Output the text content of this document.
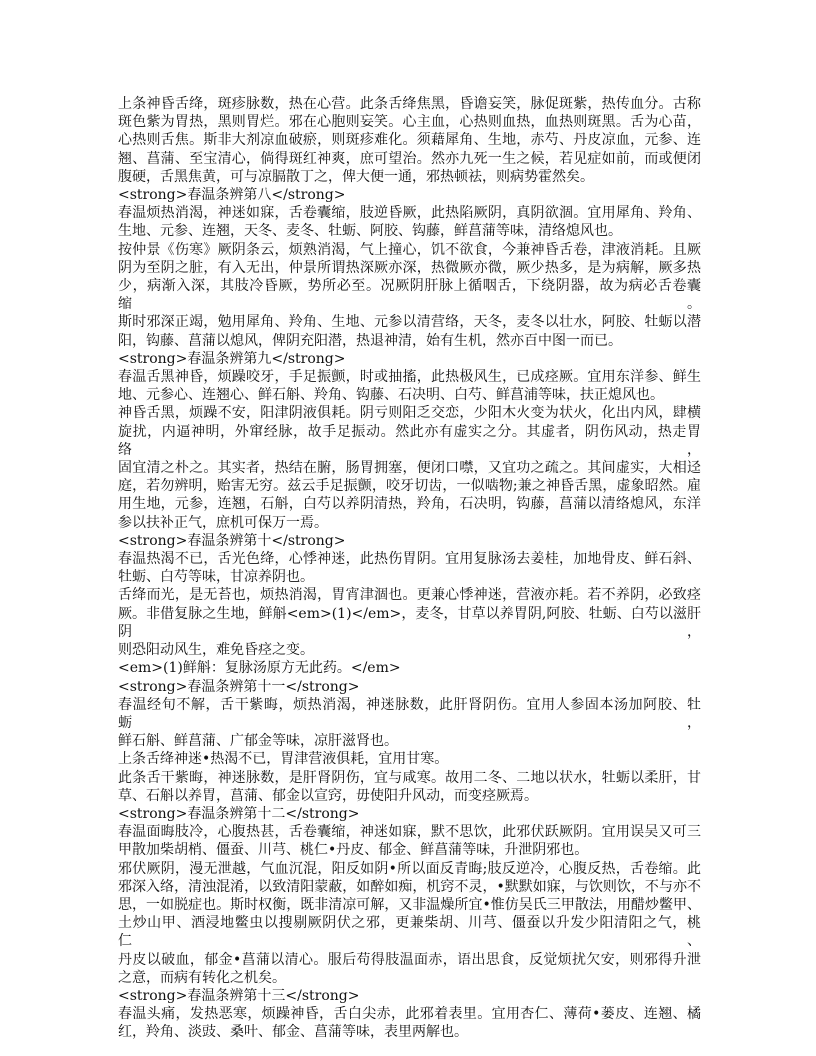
上条神昏舌绛，斑疹脉数，热在心营。此条舌绛焦黑，昏谵妄笑，脉促斑紫，热传血分。古称
斑色紫为胃热，黑则胃烂。邪在心胞则妄笑。心主血，心热则血热，血热则斑黑。舌为心苗，
心热则舌焦。斯非大剂凉血破瘀，则斑疹难化。须藉犀角、生地，赤芍、丹皮凉血，元参、连
翘、菖蒲、至宝清心，倘得斑红神爽，庶可望治。然亦九死一生之候，若见症如前，而或便闭
腹硬，舌黑焦黄，可与凉膈散丁之，俾大便一通，邪热顿祛，则病势霍然矣。
<strong>春温条辨第八</strong>
春温烦热消渴，神迷如寐，舌卷囊缩，肢逆昏厥，此热陷厥阴，真阴欲涸。宜用犀角、羚角、
生地、元参、连翘，天冬、麦冬、牡蛎、阿胶、钩藤，鲜菖蒲等味，清络熄风也。
按仲景《伤寒》厥阴条云，烦熟消渴，气上撞心，饥不欲食，今兼神昏舌卷，津液消耗。且厥
阴为至阴之脏，有入无出，仲景所谓热深厥亦深，热微厥亦微，厥少热多，是为病解，厥多热
少，病渐入深，其肢冷昏厥，势所必至。况厥阴肝脉上循咽舌，下绕阴器，故为病必舌卷囊缩。
斯时邪深正竭，勉用犀角、羚角、生地、元参以清营络，天冬，麦冬以壮水，阿胶、牡蛎以潜
阳，钩藤、菖蒲以熄风，俾阴充阳潜，热退神清，始有生机，然亦百中图一而已。
<strong>春温条辨第九</strong>
春温舌黑神昏，烦躁咬牙，手足振颤，时或抽搐，此热极风生，已成痉厥。宜用东洋参、鲜生
地、元参心、连翘心、鲜石斛、羚角、钩藤、石决明、白芍、鲜菖浦等味，扶正熄风也。
神昏舌黑，烦躁不安，阳津阴液俱耗。阴亏则阳乏交恋，少阳木火变为状火，化出内风，肆横
旋扰，内逼神明，外窜经脉，故手足振动。然此亦有虚实之分。其虚者，阴伤风动，热走胃络，
固宜清之朴之。其实者，热结在腑，肠胃拥塞，便闭口噤，又宜功之疏之。其间虚实，大相迳
庭，若勿辨明，贻害无穷。兹云手足振颤，咬牙切齿，一似啮物;兼之神昏舌黑，虚象昭然。雇
用生地，元参，连翘，石斛，白芍以养阴清热，羚角，石决明，钩藤，菖蒲以清络熄风，东洋
参以扶补正气，庶机可保万一焉。
<strong>春温条辨第十</strong>
春温热渴不已，舌光色绛，心悸神迷，此热伤胃阴。宜用复脉汤去姜桂，加地骨皮、鲜石斜、
牡蛎、白芍等味，甘凉养阴也。
舌绛而光，是无苔也，烦热消渴，胃宵津涸也。更兼心悸神迷，营液亦耗。若不养阴，必致痉
厥。非借复脉之生地，鲜斛<em>(1)</em>，麦冬，甘草以养胃阴,阿胶、牡蛎、白芍以滋肝阴，
则恐阳动风生，难免昏痉之变。
<em>(1)鲜斛：复脉汤原方无此药。</em>
<strong>春温条辨第十一</strong>
春温经旬不解，舌干紫晦，烦热消渴，神迷脉数，此肝肾阴伤。宜用人参固本汤加阿胶、牡蛎，
鲜石斛、鲜菖蒲、广郁金等味，凉肝滋肾也。
上条舌绛神迷•热渴不已，胃津营液俱耗，宜用甘寒。
此条舌干紫晦，神迷脉数，是肝肾阴伤，宜与咸寒。故用二冬、二地以状水，牡蛎以柔肝，甘
草、石斛以养胃，菖蒲、郁金以宣窍，毋使阳升风动，而变痉厥焉。
<strong>春温条辨第十二</strong>
春温面晦肢冷，心腹热甚，舌卷囊缩，神迷如寐，默不思饮，此邪伏跃厥阴。宜用误吴又可三
甲散加柴胡梢、僵蚕、川芎、桃仁•丹皮、郁金、鲜菖蒲等味，升泄阴邪也。
邪伏厥阴，漫无泄越，气血沉混，阳反如阴•所以面反青晦;肢反逆冷，心腹反热，舌卷缩。此
邪深入络，清浊混淆，以致清阳蒙蔽，如醉如痴，机窍不灵，•默默如寐，与饮则饮，不与亦不
思，一如脱症也。斯时权衡，既非清凉可解，又非温燥所宜•惟仿吴氏三甲散法，用醋炒鳖甲、
土炒山甲、酒浸地鳖虫以搜剔厥阴伏之邪，更兼柴胡、川芎、僵蚕以升发少阳清阳之气，桃仁、
丹皮以破血，郁金•菖蒲以清心。服后苟得肢温面赤，语出思食，反觉烦扰欠安，则邪得升泄
之意，而病有转化之机矣。
<strong>春温条辨第十三</strong>
春温头痛，发热恶寒，烦躁神昏，舌白尖赤，此邪着表里。宜用杏仁、薄荷•蒌皮、连翘、橘
红，羚角、淡豉、桑叶、郁金、菖蒲等味，表里两解也。
